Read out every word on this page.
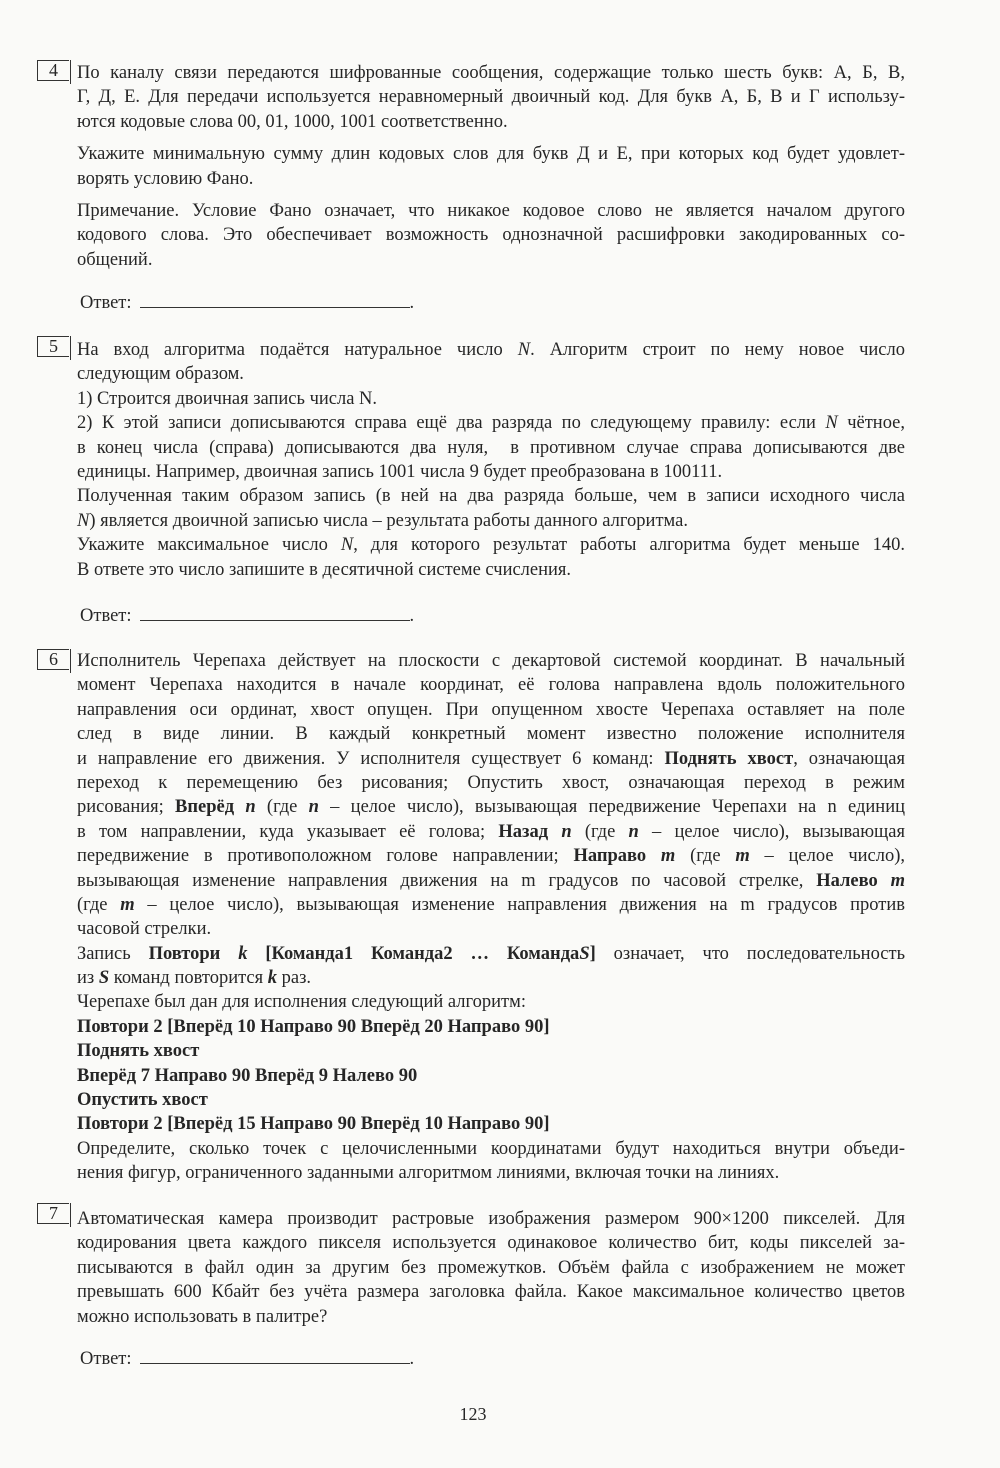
123
4	По каналу связи передаются шифрованные сообщения, содержащие только шесть букв: А, Б, В,
Г, Д, Е. Для передачи используется неравномерный двоичный код. Для букв А, Б, В и Г использу-
ются кодовые слова 00, 01, 1000, 1001 соответственно.
Укажите минимальную сумму длин кодовых слов для букв Д и Е, при которых код будет удовлет-
ворять условию Фано.
Примечание. Условие Фано означает, что никакое кодовое слово не является началом другого
кодового слова. Это обеспечивает возможность однозначной расшифровки закодированных со-
общений.
Ответ:	.
5	На вход алгоритма подаётся натуральное число N. Алгоритм строит по нему новое число
следующим образом.
1) Строится двоичная запись числа N.
2) К этой записи дописываются справа ещё два разряда по следующему правилу: если N чётное,
в конец числа (справа) дописываются два нуля,  в противном случае справа дописываются две
единицы. Например, двоичная запись 1001 числа 9 будет преобразована в 100111.
Полученная таким образом запись (в ней на два разряда больше, чем в записи исходного числа
N) является двоичной записью числа – результата работы данного алгоритма.
Укажите максимальное число N, для которого результат работы алгоритма будет меньше 140.
В ответе это число запишите в десятичной системе счисления.
Ответ:	.
6	Исполнитель Черепаха действует на плоскости с декартовой системой координат. В начальный
момент Черепаха находится в начале координат, её голова направлена вдоль положительного
направления оси ординат, хвост опущен. При опущенном хвосте Черепаха оставляет на поле
след в виде линии. В каждый конкретный момент известно положение исполнителя
и направление его движения. У исполнителя существует 6 команд: Поднять хвост, означающая
переход к перемещению без рисования; Опустить хвост, означающая переход в режим
рисования; Вперёд n (где n – целое число), вызывающая передвижение Черепахи на n единиц
в том направлении, куда указывает её голова; Назад n (где n – целое число), вызывающая
передвижение в противоположном голове направлении; Направо m (где m – целое число),
вызывающая изменение направления движения на m градусов по часовой стрелке, Налево m
(где m – целое число), вызывающая изменение направления движения на m градусов против
часовой стрелки.
Запись Повтори k [Команда1 Команда2 … КомандаS] означает, что последовательность
из S команд повторится k раз.
Черепахе был дан для исполнения следующий алгоритм:
Повтори 2 [Вперёд 10 Направо 90 Вперёд 20 Направо 90]
Поднять хвост
Вперёд 7 Направо 90 Вперёд 9 Налево 90
Опустить хвост
Повтори 2 [Вперёд 15 Направо 90 Вперёд 10 Направо 90]
Определите, сколько точек с целочисленными координатами будут находиться внутри объеди-
нения фигур, ограниченного заданными алгоритмом линиями, включая точки на линиях.
7	Автоматическая камера производит растровые изображения размером 900×1200 пикселей. Для
кодирования цвета каждого пикселя используется одинаковое количество бит, коды пикселей за-
писываются в файл один за другим без промежутков. Объём файла с изображением не может
превышать 600 Кбайт без учёта размера заголовка файла. Какое максимальное количество цветов
можно использовать в палитре?
Ответ:	.
